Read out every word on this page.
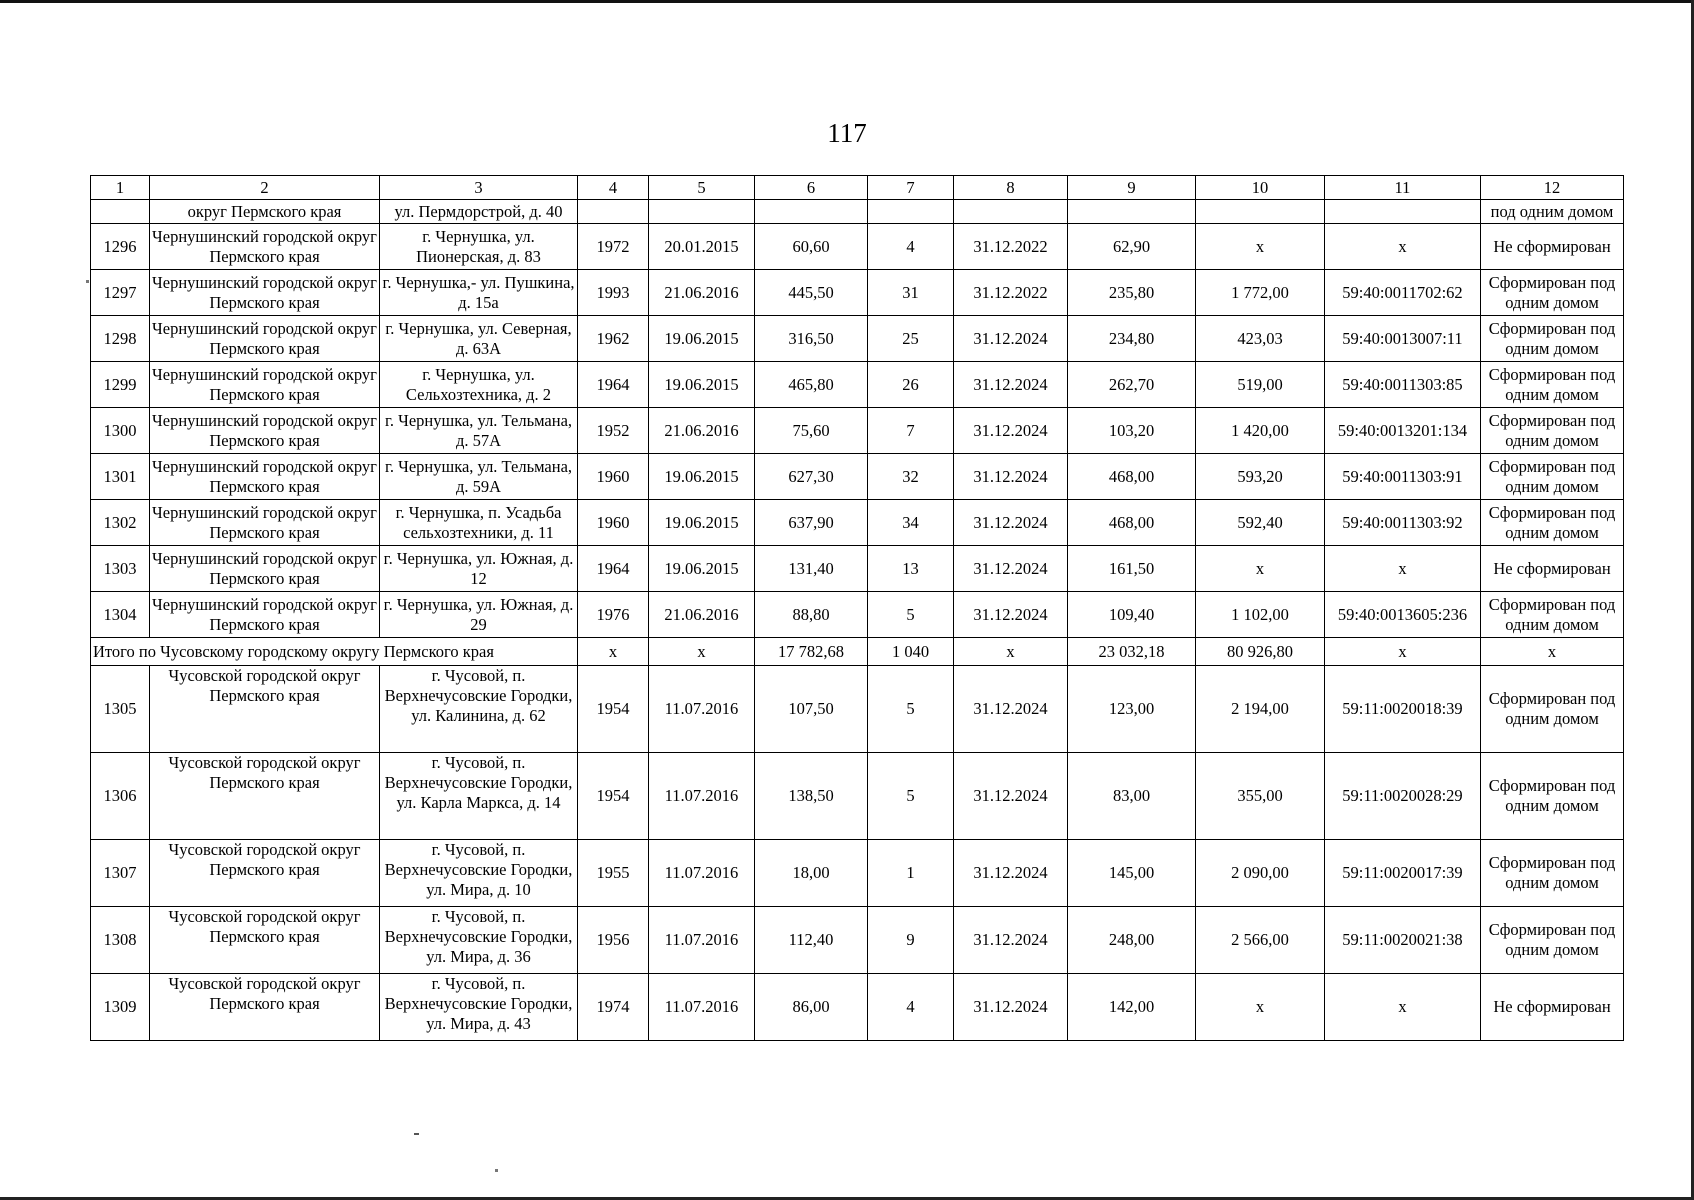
117
1	2	3	4	5	6	7	8	9	10	11	12
	округ Пермского края	ул. Пермдорстрой, д. 40									под одним домом
1296	Чернушинский городской округ Пермского края	г. Чернушка, ул. Пионерская, д. 83	1972	20.01.2015	60,60	4	31.12.2022	62,90	х	х	Не сформирован
1297	Чернушинский городской округ Пермского края	г. Чернушка,- ул. Пушкина, д. 15а	1993	21.06.2016	445,50	31	31.12.2022	235,80	1 772,00	59:40:0011702:62	Сформирован под одним домом
1298	Чернушинский городской округ Пермского края	г. Чернушка, ул. Северная, д. 63А	1962	19.06.2015	316,50	25	31.12.2024	234,80	423,03	59:40:0013007:11	Сформирован под одним домом
1299	Чернушинский городской округ Пермского края	г. Чернушка, ул. Сельхозтехника, д. 2	1964	19.06.2015	465,80	26	31.12.2024	262,70	519,00	59:40:0011303:85	Сформирован под одним домом
1300	Чернушинский городской округ Пермского края	г. Чернушка, ул. Тельмана, д. 57А	1952	21.06.2016	75,60	7	31.12.2024	103,20	1 420,00	59:40:0013201:134	Сформирован под одним домом
1301	Чернушинский городской округ Пермского края	г. Чернушка, ул. Тельмана, д. 59А	1960	19.06.2015	627,30	32	31.12.2024	468,00	593,20	59:40:0011303:91	Сформирован под одним домом
1302	Чернушинский городской округ Пермского края	г. Чернушка, п. Усадьба сельхозтехники, д. 11	1960	19.06.2015	637,90	34	31.12.2024	468,00	592,40	59:40:0011303:92	Сформирован под одним домом
1303	Чернушинский городской округ Пермского края	г. Чернушка, ул. Южная, д. 12	1964	19.06.2015	131,40	13	31.12.2024	161,50	х	х	Не сформирован
1304	Чернушинский городской округ Пермского края	г. Чернушка, ул. Южная, д. 29	1976	21.06.2016	88,80	5	31.12.2024	109,40	1 102,00	59:40:0013605:236	Сформирован под одним домом
Итого по Чусовскому городскому округу Пермского края			х	х	17 782,68	1 040	х	23 032,18	80 926,80	х	х
1305	Чусовской городской округ Пермского края	г. Чусовой, п. Верхнечусовские Городки, ул. Калинина, д. 62	1954	11.07.2016	107,50	5	31.12.2024	123,00	2 194,00	59:11:0020018:39	Сформирован под одним домом
1306	Чусовской городской округ Пермского края	г. Чусовой, п. Верхнечусовские Городки, ул. Карла Маркса, д. 14	1954	11.07.2016	138,50	5	31.12.2024	83,00	355,00	59:11:0020028:29	Сформирован под одним домом
1307	Чусовской городской округ Пермского края	г. Чусовой, п. Верхнечусовские Городки, ул. Мира, д. 10	1955	11.07.2016	18,00	1	31.12.2024	145,00	2 090,00	59:11:0020017:39	Сформирован под одним домом
1308	Чусовской городской округ Пермского края	г. Чусовой, п. Верхнечусовские Городки, ул. Мира, д. 36	1956	11.07.2016	112,40	9	31.12.2024	248,00	2 566,00	59:11:0020021:38	Сформирован под одним домом
1309	Чусовской городской округ Пермского края	г. Чусовой, п. Верхнечусовские Городки, ул. Мира, д. 43	1974	11.07.2016	86,00	4	31.12.2024	142,00	х	х	Не сформирован
